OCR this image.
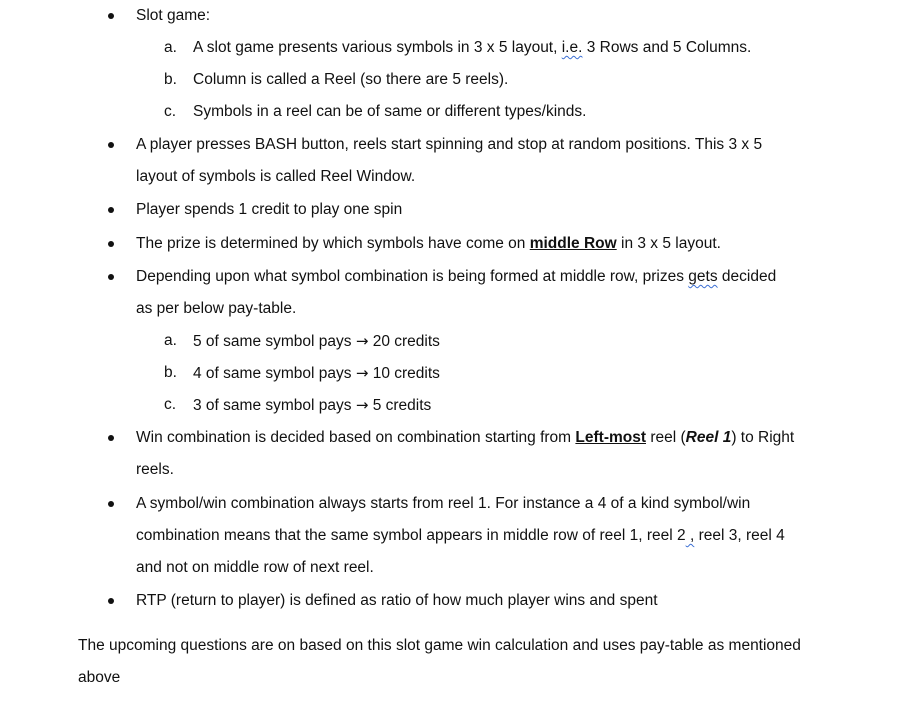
Slot game:
a. A slot game presents various symbols in 3 x 5 layout, i.e. 3 Rows and 5 Columns.
b. Column is called a Reel (so there are 5 reels).
c. Symbols in a reel can be of same or different types/kinds.
A player presses BASH button, reels start spinning and stop at random positions. This 3 x 5
layout of symbols is called Reel Window.
Player spends 1 credit to play one spin
The prize is determined by which symbols have come on middle Row in 3 x 5 layout.
Depending upon what symbol combination is being formed at middle row, prizes gets decided
as per below pay-table.
a. 5 of same symbol pays → 20 credits
b. 4 of same symbol pays → 10 credits
c. 3 of same symbol pays → 5 credits
Win combination is decided based on combination starting from Left-most reel (Reel 1) to Right
reels.
A symbol/win combination always starts from reel 1. For instance a 4 of a kind symbol/win
combination means that the same symbol appears in middle row of reel 1, reel 2 , reel 3, reel 4
and not on middle row of next reel.
RTP (return to player) is defined as ratio of how much player wins and spent
The upcoming questions are on based on this slot game win calculation and uses pay-table as mentioned
above
